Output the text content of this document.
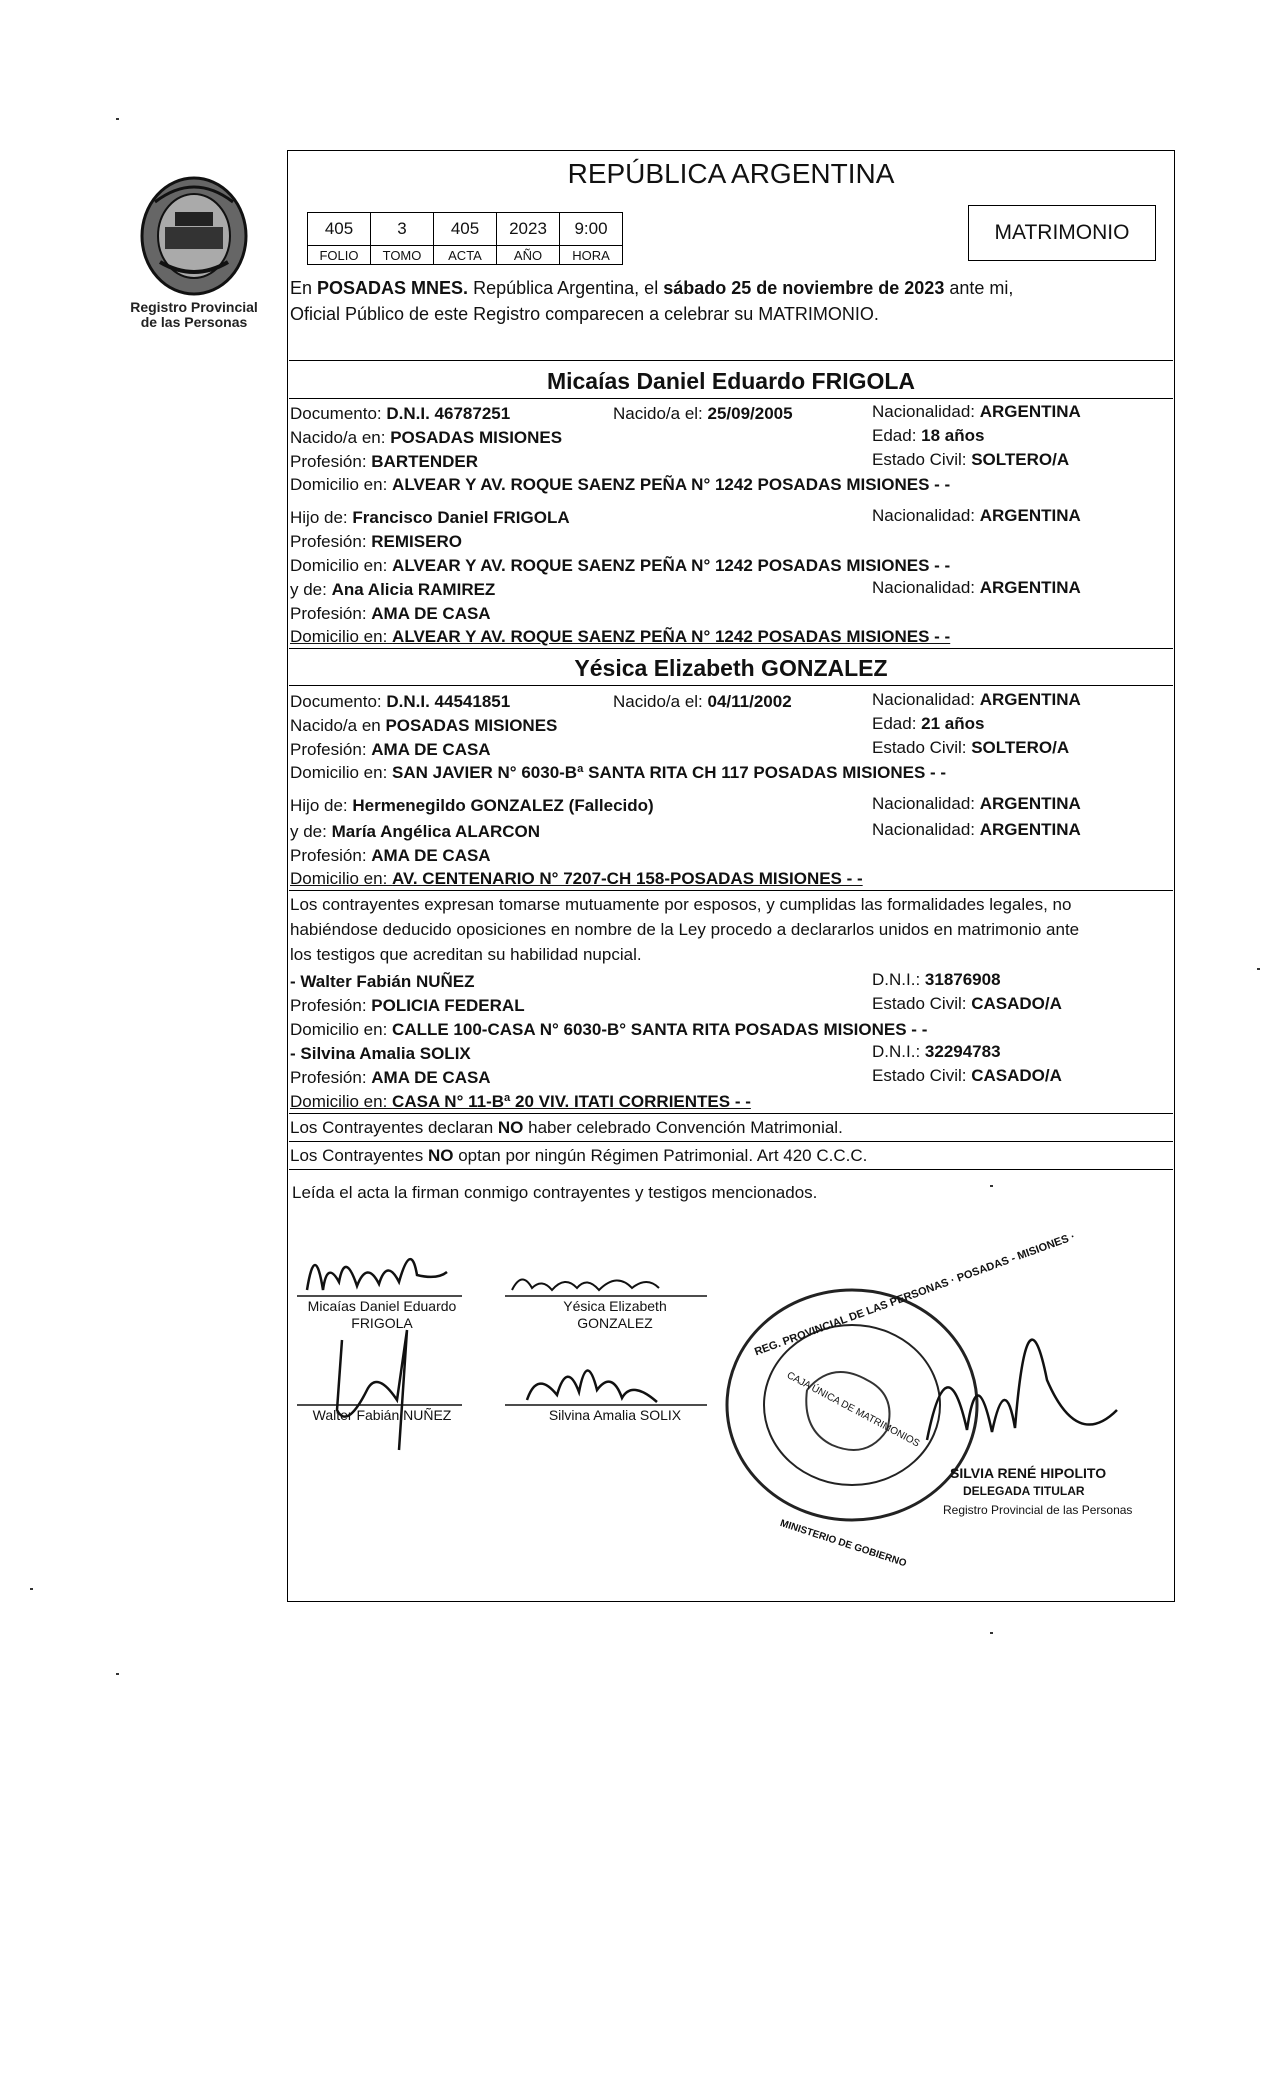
Registro Provincial
de las Personas
REPÚBLICA ARGENTINA
405	3	405	2023	9:00
FOLIO	TOMO	ACTA	AÑO	HORA
MATRIMONIO
En POSADAS MNES. República Argentina, el sábado 25 de noviembre de 2023 ante mi,
Oficial Público de este Registro comparecen a celebrar su MATRIMONIO.
Micaías Daniel Eduardo FRIGOLA
Documento: D.N.I. 46787251	Nacido/a el: 25/09/2005	Nacionalidad: ARGENTINA
Nacido/a en: POSADAS MISIONES	Edad: 18 años
Profesión: BARTENDER	Estado Civil: SOLTERO/A
Domicilio en: ALVEAR Y AV. ROQUE SAENZ PEÑA N° 1242 POSADAS MISIONES - -
Hijo de: Francisco Daniel FRIGOLA	Nacionalidad: ARGENTINA
Profesión: REMISERO
Domicilio en: ALVEAR Y AV. ROQUE SAENZ PEÑA N° 1242 POSADAS MISIONES - -
y de: Ana Alicia RAMIREZ	Nacionalidad: ARGENTINA
Profesión: AMA DE CASA
Domicilio en: ALVEAR Y AV. ROQUE SAENZ PEÑA N° 1242 POSADAS MISIONES - -
Yésica Elizabeth GONZALEZ
Documento: D.N.I. 44541851	Nacido/a el: 04/11/2002	Nacionalidad: ARGENTINA
Nacido/a en POSADAS MISIONES	Edad: 21 años
Profesión: AMA DE CASA	Estado Civil: SOLTERO/A
Domicilio en: SAN JAVIER N° 6030-Bª SANTA RITA CH 117 POSADAS MISIONES - -
Hijo de: Hermenegildo GONZALEZ (Fallecido)	Nacionalidad: ARGENTINA
y de: María Angélica ALARCON	Nacionalidad: ARGENTINA
Profesión: AMA DE CASA
Domicilio en: AV. CENTENARIO N° 7207-CH 158-POSADAS MISIONES - -
Los contrayentes expresan tomarse mutuamente por esposos, y cumplidas las formalidades legales, no
habiéndose deducido oposiciones en nombre de la Ley procedo a declararlos unidos en matrimonio ante
los testigos que acreditan su habilidad nupcial.
- Walter Fabián NUÑEZ	D.N.I.: 31876908
Profesión: POLICIA FEDERAL	Estado Civil: CASADO/A
Domicilio en: CALLE 100-CASA N° 6030-B° SANTA RITA POSADAS MISIONES - -
- Silvina Amalia SOLIX	D.N.I.: 32294783
Profesión: AMA DE CASA	Estado Civil: CASADO/A
Domicilio en: CASA N° 11-Bª 20 VIV. ITATI CORRIENTES - -
Los Contrayentes declaran NO haber celebrado Convención Matrimonial.
Los Contrayentes NO optan por ningún Régimen Patrimonial. Art 420 C.C.C.
Leída el acta la firman conmigo contrayentes y testigos mencionados.
Micaías Daniel Eduardo
FRIGOLA
Yésica Elizabeth
GONZALEZ
Walter Fabián NUÑEZ	Silvina Amalia SOLIX
REG. PROVINCIAL DE LAS PERSONAS · POSADAS - MISIONES ·
CAJA ÚNICA DE MATRIMONIOS
MINISTERIO DE GOBIERNO
SILVIA RENÉ HIPOLITO
DELEGADA TITULAR
Registro Provincial de las Personas
